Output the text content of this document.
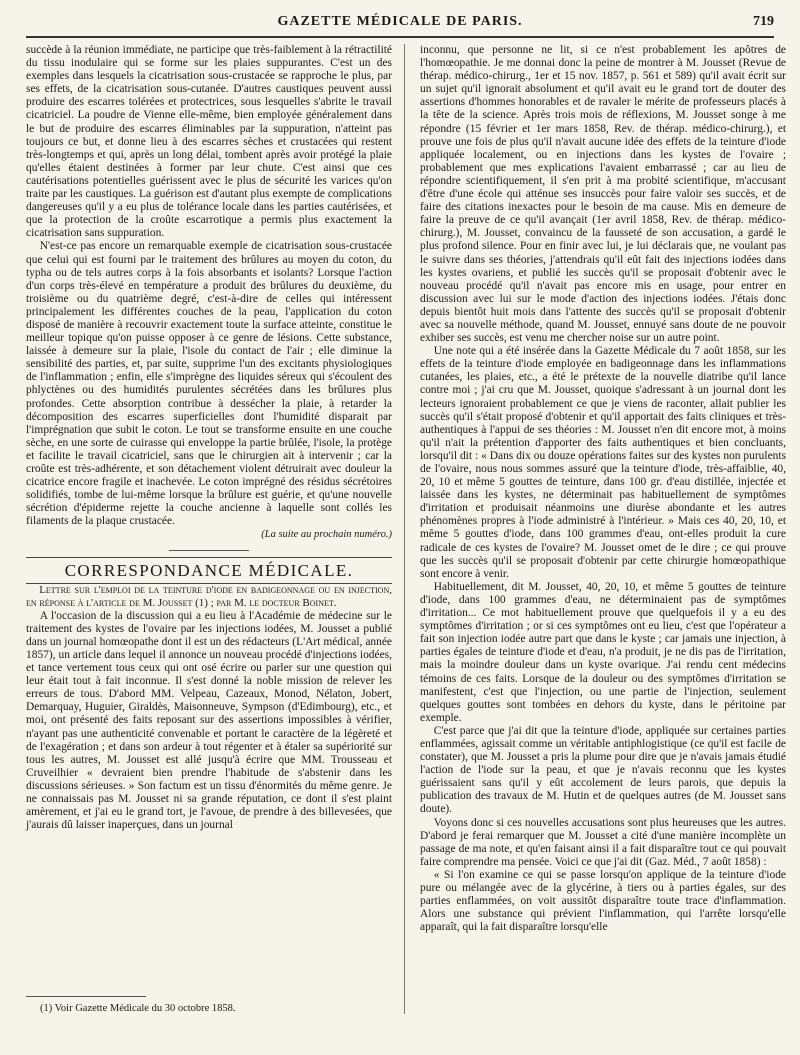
GAZETTE MÉDICALE DE PARIS.	719

succède à la réunion immédiate, ne participe que très-faiblement à la rétractilité du tissu inodulaire qui se forme sur les plaies suppurantes. C'est un des exemples dans lesquels la cicatrisation sous-crustacée se rapproche le plus, par ses effets, de la cicatrisation sous-cutanée. D'autres caustiques peuvent aussi produire des escarres tolérées et protectrices, sous lesquelles s'abrite le travail cicatriciel. La poudre de Vienne elle-même, bien employée généralement dans le but de produire des escarres éliminables par la suppuration, n'atteint pas toujours ce but, et donne lieu à des escarres sèches et crustacées qui restent très-longtemps et qui, après un long délai, tombent après avoir protégé la plaie qu'elles étaient destinées à former par leur chute. C'est ainsi que ces cautérisations potentielles guérissent avec le plus de sécurité les varices qu'on traite par les caustiques. La guérison est d'autant plus exempte de complications dangereuses qu'il y a eu plus de tolérance locale dans les parties cautérisées, et que la protection de la croûte escarrotique a permis plus exactement la cicatrisation sans suppuration.

N'est-ce pas encore un remarquable exemple de cicatrisation sous-crustacée que celui qui est fourni par le traitement des brûlures au moyen du coton, du typha ou de tels autres corps à la fois absorbants et isolants? Lorsque l'action d'un corps très-élevé en température a produit des brûlures du deuxième, du troisième ou du quatrième degré, c'est-à-dire de celles qui intéressent principalement les différentes couches de la peau, l'application du coton disposé de manière à recouvrir exactement toute la surface atteinte, constitue le meilleur topique qu'on puisse opposer à ce genre de lésions. Cette substance, laissée à demeure sur la plaie, l'isole du contact de l'air ; elle diminue la sensibilité des parties, et, par suite, supprime l'un des excitants physiologiques de l'inflammation ; enfin, elle s'imprègne des liquides séreux qui s'écoulent des phlyctènes ou des humidités purulentes sécrétées dans les brûlures plus profondes. Cette absorption contribue à dessécher la plaie, à retarder la décomposition des escarres superficielles dont l'humidité disparait par l'imprégnation que subit le coton. Le tout se transforme ensuite en une couche sèche, en une sorte de cuirasse qui enveloppe la partie brûlée, l'isole, la protège et facilite le travail cicatriciel, sans que le chirurgien ait à intervenir ; car la croûte est très-adhérente, et son détachement violent détruirait avec douleur la cicatrice encore fragile et inachevée. Le coton imprégné des résidus sécrétoires solidifiés, tombe de lui-même lorsque la brûlure est guérie, et qu'une nouvelle sécrétion d'épiderme rejette la couche ancienne à laquelle sont collés les filaments de la plaque crustacée.

(La suite au prochain numéro.)

CORRESPONDANCE MÉDICALE.

Lettre sur l'emploi de la teinture d'iode en badigeonnage ou en injection, en réponse à l'article de M. Jousset (1) ; par M. le docteur Boinet.

A l'occasion de la discussion qui a eu lieu à l'Académie de médecine sur le traitement des kystes de l'ovaire par les injections iodées, M. Jousset a publié dans un journal homœopathe dont il est un des rédacteurs (L'Art médical, année 1857), un article dans lequel il annonce un nouveau procédé d'injections iodées, et tance vertement tous ceux qui ont osé écrire ou parler sur une question qui leur était tout à fait inconnue. Il s'est donné la noble mission de relever les erreurs de tous. D'abord MM. Velpeau, Cazeaux, Monod, Nélaton, Jobert, Demarquay, Huguier, Giraldès, Maisonneuve, Sympson (d'Edimbourg), etc., et moi, ont présenté des faits reposant sur des assertions impossibles à vérifier, n'ayant pas une authenticité convenable et portant le caractère de la légèreté et de l'exagération ; et dans son ardeur à tout régenter et à étaler sa supériorité sur tous les autres, M. Jousset est allé jusqu'à écrire que MM. Trousseau et Cruveilhier « devraient bien prendre l'habitude de s'abstenir dans les discussions sérieuses. » Son factum est un tissu d'énormités du même genre. Je ne connaissais pas M. Jousset ni sa grande réputation, ce dont il s'est plaint amèrement, et j'ai eu le grand tort, je l'avoue, de prendre à des billevesées, que j'aurais dû laisser inaperçues, dans un journal

inconnu, que personne ne lit, si ce n'est probablement les apôtres de l'homœopathie. Je me donnai donc la peine de montrer à M. Jousset (Revue de thérap. médico-chirurg., 1er et 15 nov. 1857, p. 561 et 589) qu'il avait écrit sur un sujet qu'il ignorait absolument et qu'il avait eu le grand tort de douter des assertions d'hommes honorables et de ravaler le mérite de professeurs placés à la tête de la science. Après trois mois de réflexions, M. Jousset songe à me répondre (15 février et 1er mars 1858, Rev. de thérap. médico-chirurg.), et prouve une fois de plus qu'il n'avait aucune idée des effets de la teinture d'iode appliquée localement, ou en injections dans les kystes de l'ovaire ; probablement que mes explications l'avaient embarrassé ; car au lieu de répondre scientifiquement, il s'en prit à ma probité scientifique, m'accusant d'être d'une école qui atténue ses insuccès pour faire valoir ses succès, et de faire des citations inexactes pour le besoin de ma cause. Mis en demeure de faire la preuve de ce qu'il avançait (1er avril 1858, Rev. de thérap. médico-chirurg.), M. Jousset, convaincu de la fausseté de son accusation, a gardé le plus profond silence. Pour en finir avec lui, je lui déclarais que, ne voulant pas le suivre dans ses théories, j'attendrais qu'il eût fait des injections iodées dans les kystes ovariens, et publié les succès qu'il se proposait d'obtenir avec le nouveau procédé qu'il n'avait pas encore mis en usage, pour entrer en discussion avec lui sur le mode d'action des injections iodées. J'étais donc depuis bientôt huit mois dans l'attente des succès qu'il se proposait d'obtenir avec sa nouvelle méthode, quand M. Jousset, ennuyé sans doute de ne pouvoir exhiber ses succès, est venu me chercher noise sur un autre point.

Une note qui a été insérée dans la Gazette Médicale du 7 août 1858, sur les effets de la teinture d'iode employée en badigeonnage dans les inflammations cutanées, les plaies, etc., a été le prétexte de la nouvelle diatribe qu'il lance contre moi ; j'ai cru que M. Jousset, quoique s'adressant à un journal dont les lecteurs ignoraient probablement ce que je viens de raconter, allait publier les succès qu'il s'était proposé d'obtenir et qu'il apportait des faits cliniques et très-authentiques à l'appui de ses théories : M. Jousset n'en dit encore mot, à moins qu'il n'ait la prétention d'apporter des faits authentiques et bien concluants, lorsqu'il dit : « Dans dix ou douze opérations faites sur des kystes non purulents de l'ovaire, nous nous sommes assuré que la teinture d'iode, très-affaiblie, 40, 20, 10 et même 5 gouttes de teinture, dans 100 gr. d'eau distillée, injectée et laissée dans les kystes, ne déterminait pas habituellement de symptômes d'irritation et produisait néanmoins une diurèse abondante et les autres phénomènes propres à l'iode administré à l'intérieur. » Mais ces 40, 20, 10, et même 5 gouttes d'iode, dans 100 grammes d'eau, ont-elles produit la cure radicale de ces kystes de l'ovaire? M. Jousset omet de le dire ; ce qui prouve que les succès qu'il se proposait d'obtenir par cette chirurgie homœopathique sont encore à venir.

Habituellement, dit M. Jousset, 40, 20, 10, et même 5 gouttes de teinture d'iode, dans 100 grammes d'eau, ne déterminaient pas de symptômes d'irritation... Ce mot habituellement prouve que quelquefois il y a eu des symptômes d'irritation ; or si ces symptômes ont eu lieu, c'est que l'opérateur a fait son injection iodée autre part que dans le kyste ; car jamais une injection, à parties égales de teinture d'iode et d'eau, n'a produit, je ne dis pas de l'irritation, mais la moindre douleur dans un kyste ovarique. J'ai rendu cent médecins témoins de ces faits. Lorsque de la douleur ou des symptômes d'irritation se manifestent, c'est que l'injection, ou une partie de l'injection, seulement quelques gouttes sont tombées en dehors du kyste, dans le péritoine par exemple.

C'est parce que j'ai dit que la teinture d'iode, appliquée sur certaines parties enflammées, agissait comme un véritable antiphlogistique (ce qu'il est facile de constater), que M. Jousset a pris la plume pour dire que je n'avais jamais étudié l'action de l'iode sur la peau, et que je n'avais reconnu que les kystes guérissaient sans qu'il y eût accolement de leurs parois, que depuis la publication des travaux de M. Hutin et de quelques autres (de M. Jousset sans doute).

Voyons donc si ces nouvelles accusations sont plus heureuses que les autres. D'abord je ferai remarquer que M. Jousset a cité d'une manière incomplète un passage de ma note, et qu'en faisant ainsi il a fait disparaître tout ce qui pouvait faire comprendre ma pensée. Voici ce que j'ai dit (Gaz. Méd., 7 août 1858) :

« Si l'on examine ce qui se passe lorsqu'on applique de la teinture d'iode pure ou mélangée avec de la glycérine, à tiers ou à parties égales, sur des parties enflammées, on voit aussitôt disparaître toute trace d'inflammation. Alors une substance qui prévient l'inflammation, qui l'arrête lorsqu'elle apparaît, qui la fait disparaître lorsqu'elle

(1) Voir Gazette Médicale du 30 octobre 1858.
